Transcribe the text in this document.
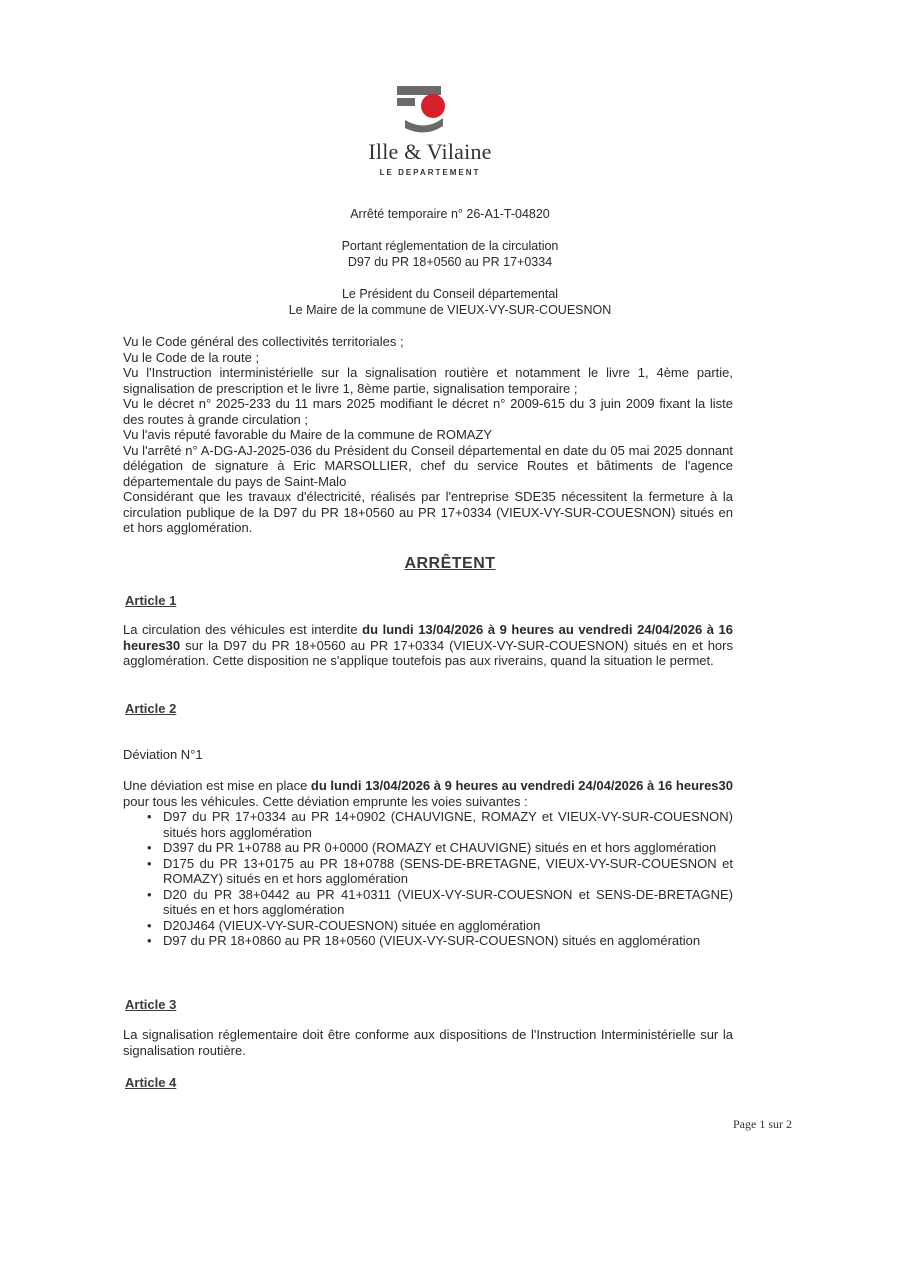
Ille & Vilaine
LE DEPARTEMENT
Arrêté temporaire n° 26-A1-T-04820
Portant réglementation de la circulation
D97 du PR 18+0560 au PR 17+0334
Le Président du Conseil départemental
Le Maire de la commune de VIEUX-VY-SUR-COUESNON

Vu le Code général des collectivités territoriales ;

Vu le Code de la route ;

Vu l'Instruction interministérielle sur la signalisation routière et notamment le livre 1, 4ème partie, signalisation de prescription et le livre 1, 8ème partie, signalisation temporaire ;

Vu le décret n° 2025-233 du 11 mars 2025 modifiant le décret n° 2009-615 du 3 juin 2009 fixant la liste des routes à grande circulation ;

Vu l'avis réputé favorable du Maire de la commune de ROMAZY

Vu l'arrêté n° A-DG-AJ-2025-036 du Président du Conseil départemental en date du 05 mai 2025 donnant délégation de signature à Eric MARSOLLIER, chef du service Routes et bâtiments de l'agence départementale du pays de Saint-Malo

Considérant que les travaux d'électricité, réalisés par l'entreprise SDE35 nécessitent la fermeture à la circulation publique de la D97 du PR 18+0560 au PR 17+0334 (VIEUX-VY-SUR-COUESNON) situés en et hors agglomération.

ARRÊTENT
Article 1

La circulation des véhicules est interdite du lundi 13/04/2026 à 9 heures au vendredi 24/04/2026 à 16 heures30 sur la D97 du PR 18+0560 au PR 17+0334 (VIEUX-VY-SUR-COUESNON) situés en et hors agglomération. Cette disposition ne s'applique toutefois pas aux riverains, quand la situation le permet.

Article 2
Déviation N°1

Une déviation est mise en place du lundi 13/04/2026 à 9 heures au vendredi 24/04/2026 à 16 heures30 pour tous les véhicules. Cette déviation emprunte les voies suivantes :

• D97 du PR 17+0334 au PR 14+0902 (CHAUVIGNE, ROMAZY et VIEUX-VY-SUR-COUESNON) situés hors agglomération
• D397 du PR 1+0788 au PR 0+0000 (ROMAZY et CHAUVIGNE) situés en et hors agglomération
• D175 du PR 13+0175 au PR 18+0788 (SENS-DE-BRETAGNE, VIEUX-VY-SUR-COUESNON et ROMAZY) situés en et hors agglomération
• D20 du PR 38+0442 au PR 41+0311 (VIEUX-VY-SUR-COUESNON et SENS-DE-BRETAGNE) situés en et hors agglomération
• D20J464 (VIEUX-VY-SUR-COUESNON) située en agglomération
• D97 du PR 18+0860 au PR 18+0560 (VIEUX-VY-SUR-COUESNON) situés en agglomération
Article 3

La signalisation réglementaire doit être conforme aux dispositions de l'Instruction Interministérielle sur la signalisation routière.

Article 4
Page 1 sur 2
